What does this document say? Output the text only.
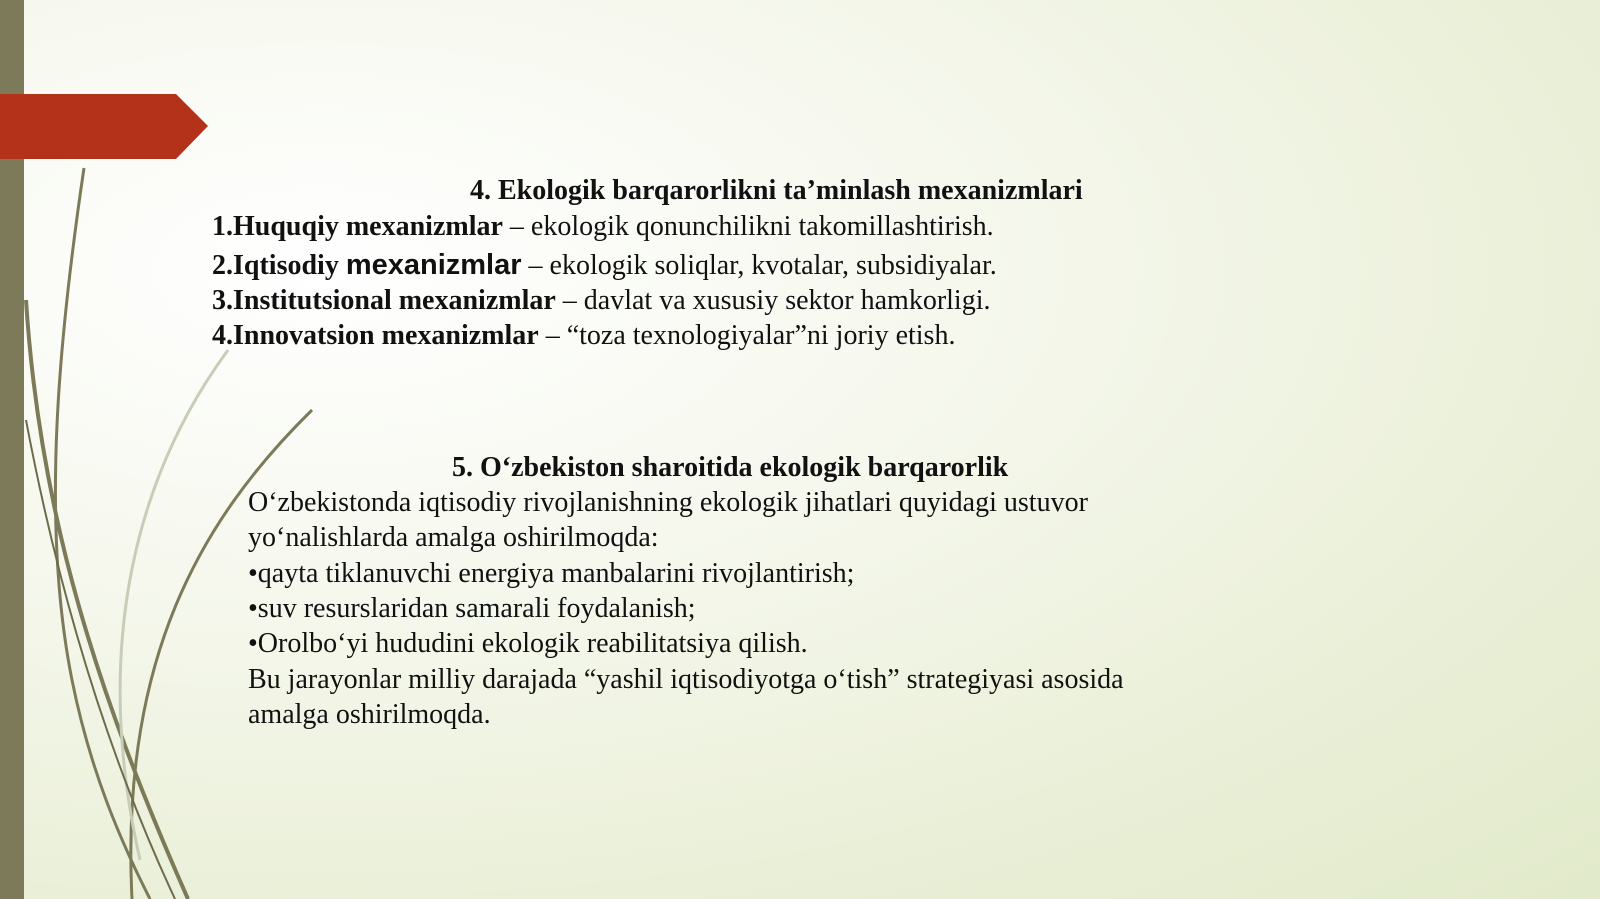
4. Ekologik barqarorlikni ta’minlash mexanizmlari
1.Huquqiy mexanizmlar – ekologik qonunchilikni takomillashtirish.
2.Iqtisodiy mexanizmlar – ekologik soliqlar, kvotalar, subsidiyalar.
3.Institutsional mexanizmlar – davlat va xususiy sektor hamkorligi.
4.Innovatsion mexanizmlar – “toza texnologiyalar”ni joriy etish.
5. O‘zbekiston sharoitida ekologik barqarorlik
O‘zbekistonda iqtisodiy rivojlanishning ekologik jihatlari quyidagi ustuvor
yo‘nalishlarda amalga oshirilmoqda:
•qayta tiklanuvchi energiya manbalarini rivojlantirish;
•suv resurslaridan samarali foydalanish;
•Orolbo‘yi hududini ekologik reabilitatsiya qilish.
Bu jarayonlar milliy darajada “yashil iqtisodiyotga o‘tish” strategiyasi asosida
amalga oshirilmoqda.
